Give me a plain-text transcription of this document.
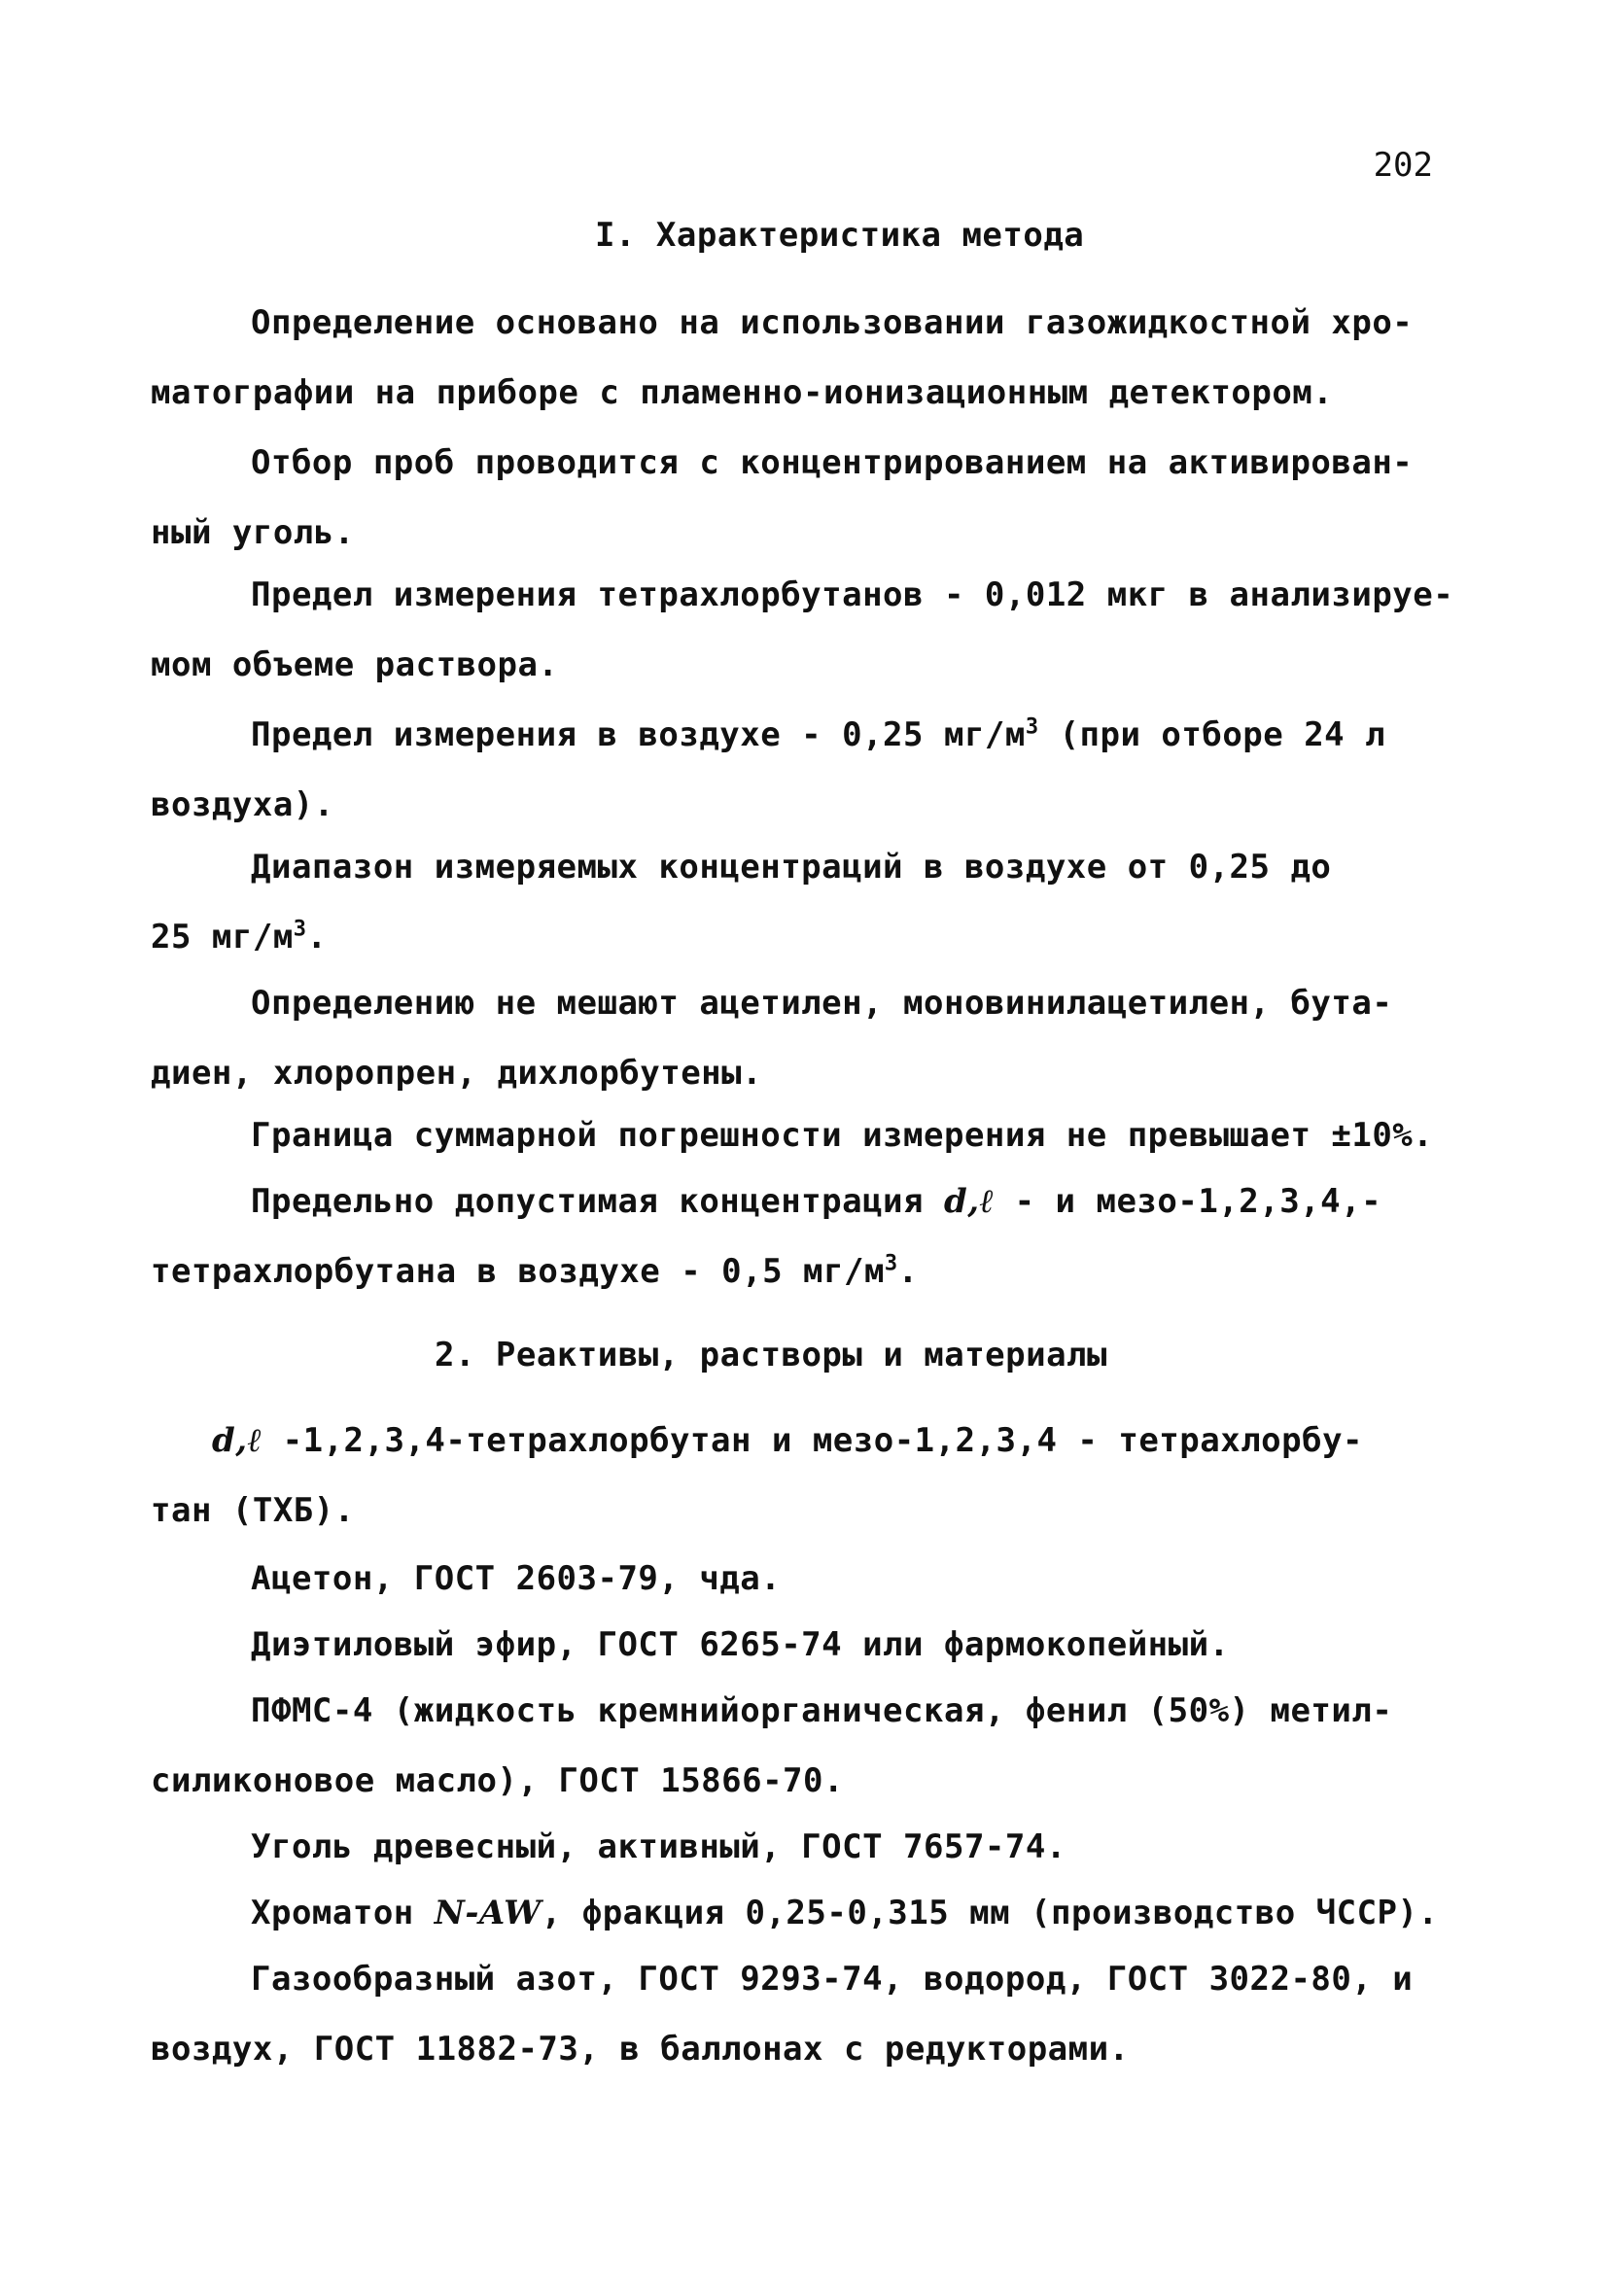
202
I. Характеристика метода
Определение основано на использовании газожидкостной хро-
матографии на приборе с пламенно-ионизационным детектором.
Отбор проб проводится с концентрированием на активирован-
ный уголь.
Предел измерения тетрахлорбутанов - 0,012 мкг в анализируе-
мом объеме раствора.
Предел измерения в воздухе - 0,25 $мг/м^3$ (при отборе 24 л
воздуха).
Диапазон измеряемых концентраций в воздухе от 0,25 до
25 $мг/м^3$.
Определению не мешают ацетилен, моновинилацетилен, бута-
диен, хлоропрен, дихлорбутены.
Граница суммарной погрешности измерения не превышает ±10%.
Предельно допустимая концентрация d,ℓ - и мезо-1,2,3,4,-
тетрахлорбутана в воздухе - 0,5 $мг/м^3$.
2. Реактивы, растворы и материалы
d,ℓ -1,2,3,4-тетрахлорбутан и мезо-1,2,3,4 - тетрахлорбу-
тан (ТХБ).
Ацетон, ГОСТ 2603-79, чда.
Диэтиловый эфир, ГОСТ 6265-74 или фармокопейный.
ПФМС-4 (жидкость кремнийорганическая, фенил (50%) метил-
силиконовое масло), ГОСТ 15866-70.
Уголь древесный, активный, ГОСТ 7657-74.
Хроматон N-AW, фракция 0,25-0,315 мм (производство ЧССР).
Газообразный азот, ГОСТ 9293-74, водород, ГОСТ 3022-80, и
воздух, ГОСТ 11882-73, в баллонах с редукторами.
